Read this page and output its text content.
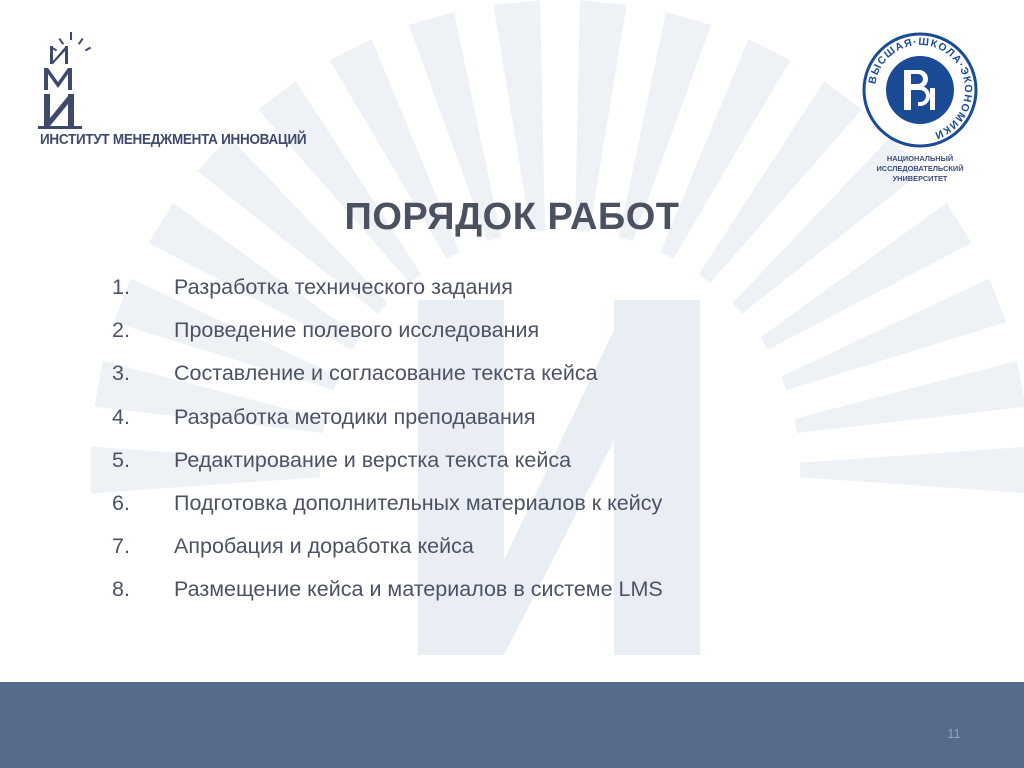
ИНСТИТУТ МЕНЕДЖМЕНТА ИННОВАЦИЙ
ВЫСШАЯ·ШКОЛА·ЭКОНОМИКИ
НАЦИОНАЛЬНЫЙ ИССЛЕДОВАТЕЛЬСКИЙ
УНИВЕРСИТЕТ
ПОРЯДОК РАБОТ
1.	Разработка технического задания
2.	Проведение полевого исследования
3.	Составление и согласование текста кейса
4.	Разработка методики преподавания
5.	Редактирование и верстка текста кейса
6.	Подготовка дополнительных материалов к кейсу
7.	Апробация и доработка кейса
8.	Размещение кейса и материалов в системе LMS
11
